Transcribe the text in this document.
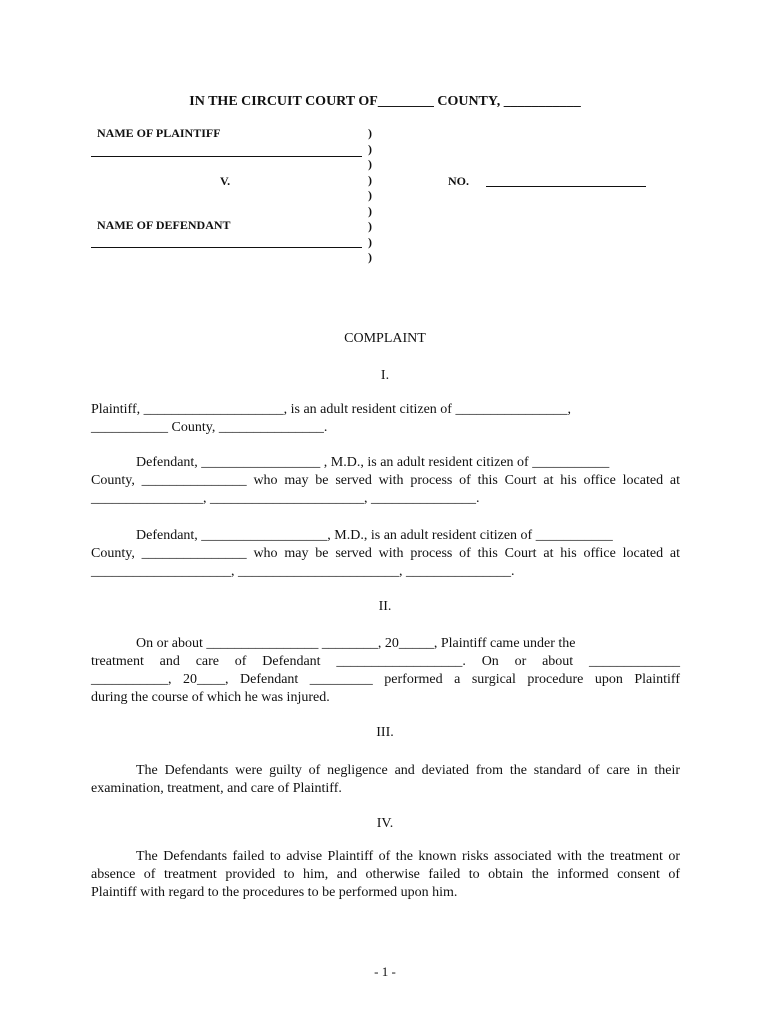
IN THE CIRCUIT COURT OF________ COUNTY, ___________
NAME OF PLAINTIFF
V.
NAME OF DEFENDANT
)
)
)
)
)
)
)
)
)
NO.
COMPLAINT
I.
Plaintiff, ____________________, is an adult resident citizen of ________________,
___________ County, _______________.
Defendant, _________________ , M.D., is an adult resident citizen of ___________
County, _______________ who may be served with process of this Court at his office located at
________________, ______________________, _______________.
Defendant, __________________, M.D., is an adult resident citizen of ___________
County, _______________ who may be served with process of this Court at his office located at
____________________, _______________________, _______________.
II.
On or about ________________ ________, 20_____, Plaintiff came under the
treatment and care of Defendant __________________. On or about _____________
___________, 20____, Defendant _________ performed a surgical procedure upon Plaintiff
during the course of which he was injured.
III.
The Defendants were guilty of negligence and deviated from the standard of care in their
examination, treatment, and care of Plaintiff.
IV.
The Defendants failed to advise Plaintiff of the known risks associated with the treatment or
absence of treatment provided to him, and otherwise failed to obtain the informed consent of
Plaintiff with regard to the procedures to be performed upon him.
- 1 -
